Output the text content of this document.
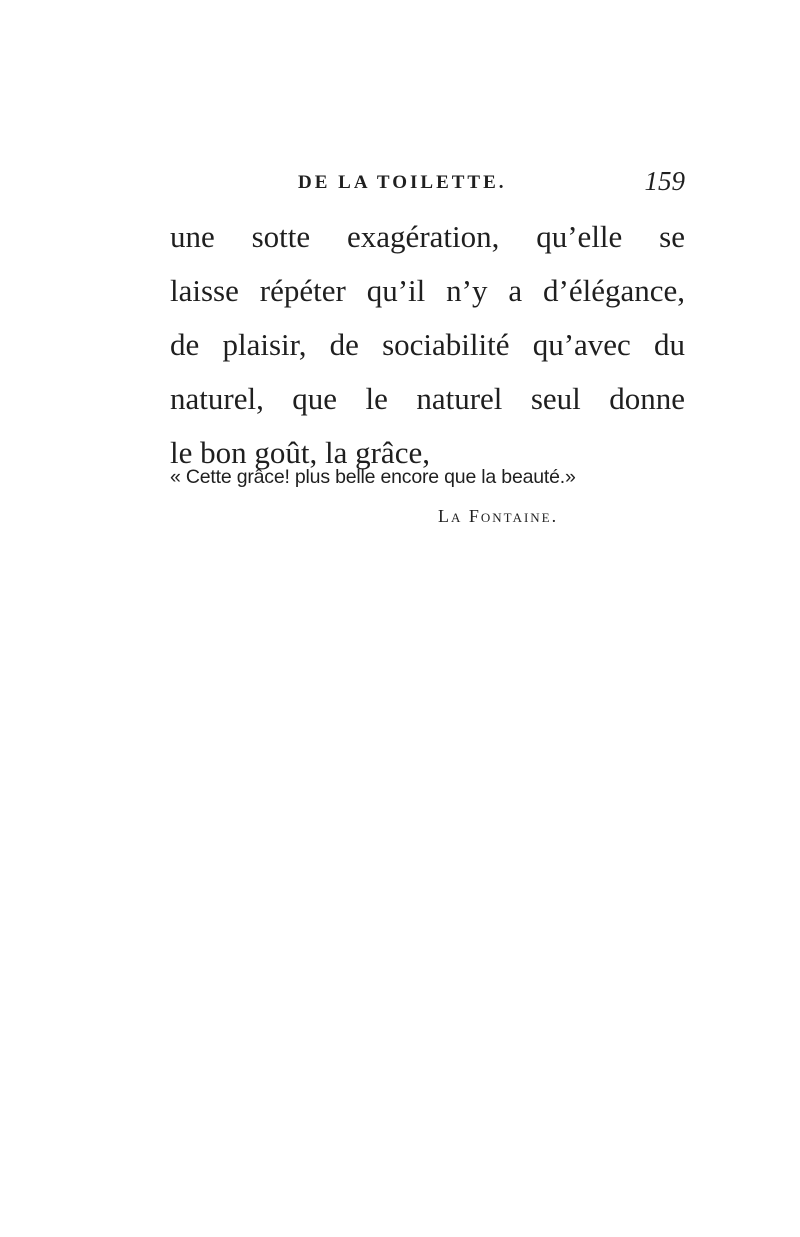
DE LA TOILETTE.	159

une sotte exagération, qu’elle se
laisse répéter qu’il n’y a d’élégance,
de plaisir, de sociabilité qu’avec du
naturel, que le naturel seul donne
le bon goût, la grâce,

« Cette grâce! plus belle encore que la beauté.»
La Fontaine.
